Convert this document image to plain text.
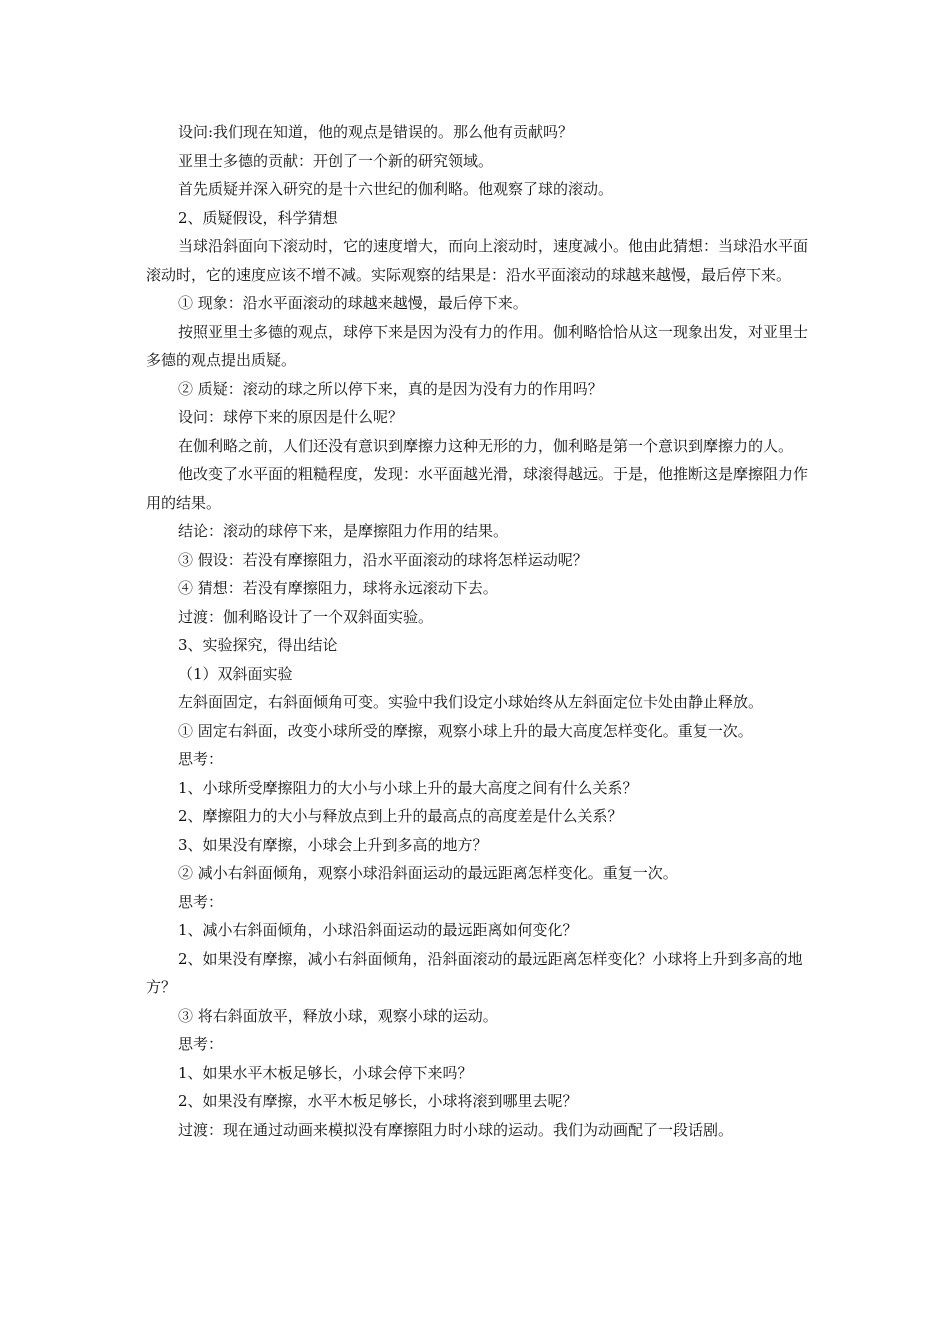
设问:我们现在知道，他的观点是错误的。那么他有贡献吗？

亚里士多德的贡献：开创了一个新的研究领域。

首先质疑并深入研究的是十六世纪的伽利略。他观察了球的滚动。

2、质疑假设，科学猜想

当球沿斜面向下滚动时，它的速度增大，而向上滚动时，速度减小。他由此猜想：当球沿水平面滚动时，它的速度应该不增不减。实际观察的结果是：沿水平面滚动的球越来越慢，最后停下来。

① 现象：沿水平面滚动的球越来越慢，最后停下来。

按照亚里士多德的观点，球停下来是因为没有力的作用。伽利略恰恰从这一现象出发，对亚里士多德的观点提出质疑。

② 质疑：滚动的球之所以停下来，真的是因为没有力的作用吗？

设问：球停下来的原因是什么呢？

在伽利略之前，人们还没有意识到摩擦力这种无形的力，伽利略是第一个意识到摩擦力的人。

他改变了水平面的粗糙程度，发现：水平面越光滑，球滚得越远。于是，他推断这是摩擦阻力作用的结果。

结论：滚动的球停下来，是摩擦阻力作用的结果。

③ 假设：若没有摩擦阻力，沿水平面滚动的球将怎样运动呢？

④ 猜想：若没有摩擦阻力，球将永远滚动下去。

过渡：伽利略设计了一个双斜面实验。

3、实验探究，得出结论

（1）双斜面实验

左斜面固定，右斜面倾角可变。实验中我们设定小球始终从左斜面定位卡处由静止释放。

① 固定右斜面，改变小球所受的摩擦，观察小球上升的最大高度怎样变化。重复一次。

思考：

1、小球所受摩擦阻力的大小与小球上升的最大高度之间有什么关系？

2、摩擦阻力的大小与释放点到上升的最高点的高度差是什么关系？

3、如果没有摩擦，小球会上升到多高的地方？

② 减小右斜面倾角，观察小球沿斜面运动的最远距离怎样变化。重复一次。

思考：

1、减小右斜面倾角，小球沿斜面运动的最远距离如何变化？

2、如果没有摩擦，减小右斜面倾角，沿斜面滚动的最远距离怎样变化？小球将上升到多高的地方？

③ 将右斜面放平，释放小球，观察小球的运动。

思考：

1、如果水平木板足够长，小球会停下来吗？

2、如果没有摩擦，水平木板足够长，小球将滚到哪里去呢？

过渡：现在通过动画来模拟没有摩擦阻力时小球的运动。我们为动画配了一段话剧。
